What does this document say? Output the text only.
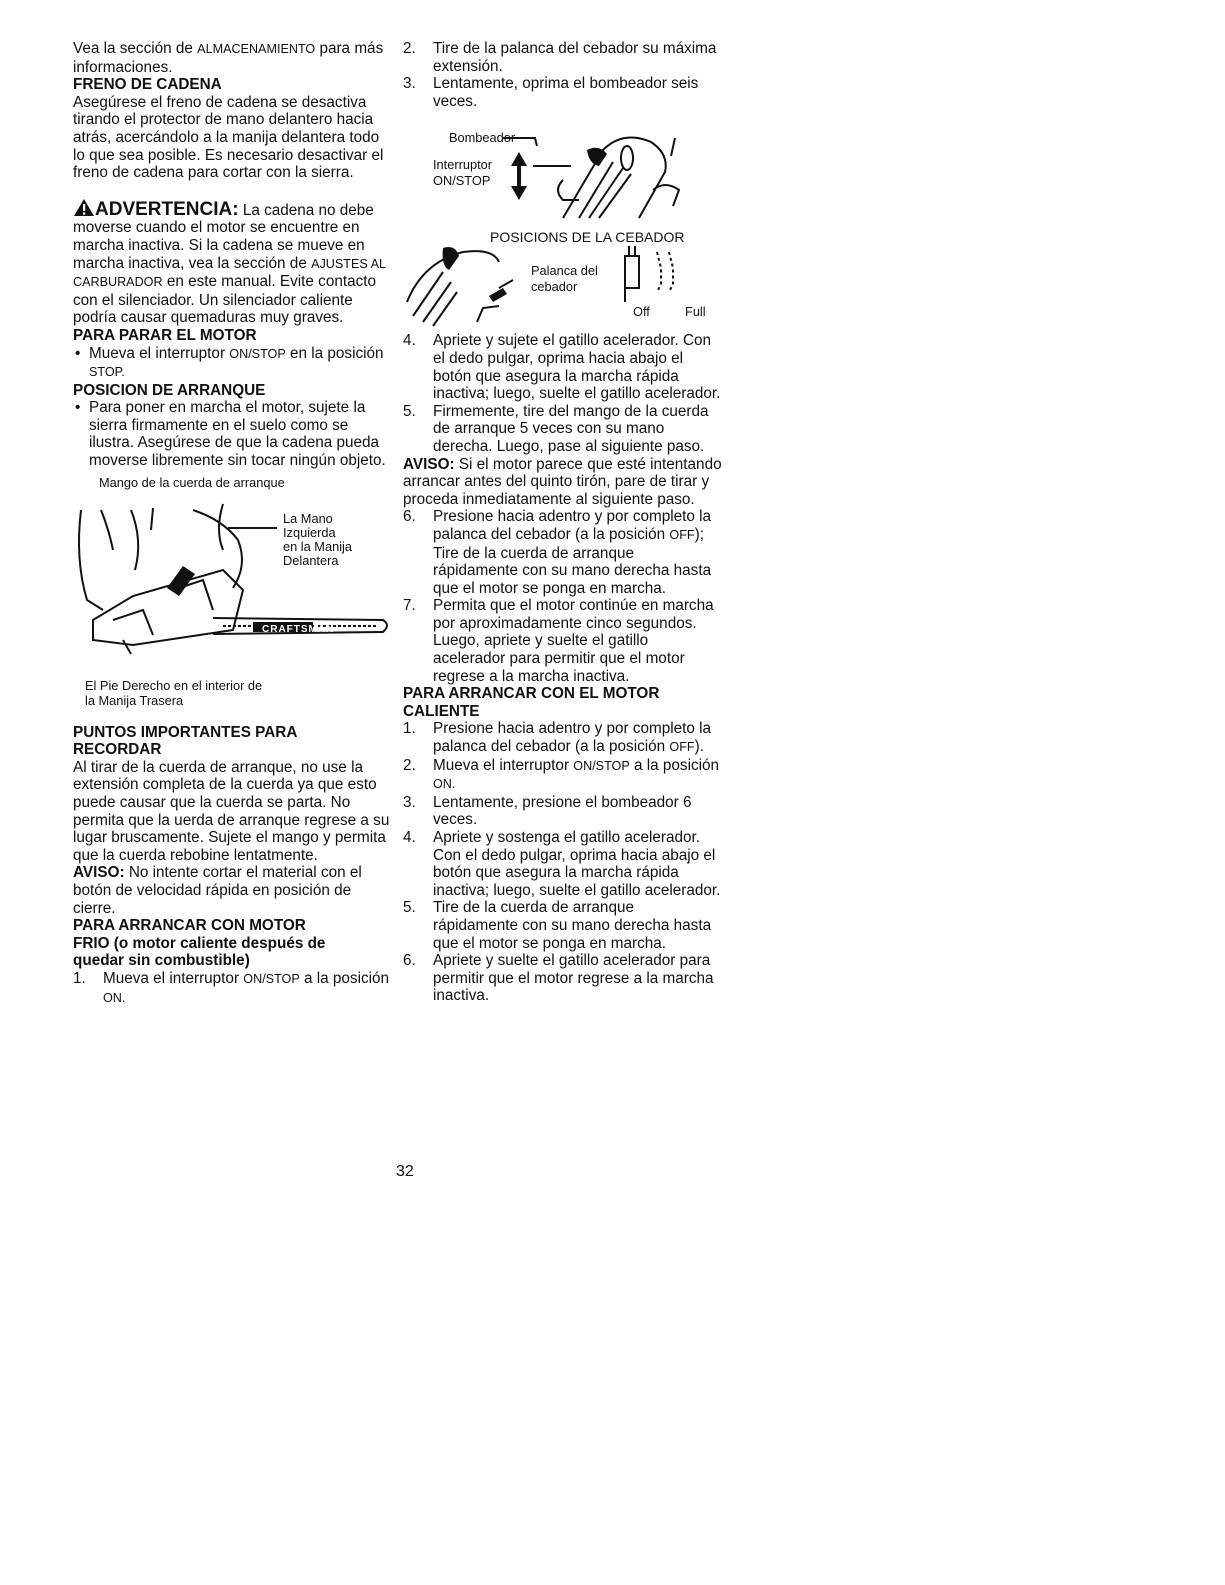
Vea la sección de ALMACENAMIENTO para más informaciones.

FRENO DE CADENA

Asegúrese el freno de cadena se desactiva tirando el protector de mano delantero hacia atrás, acercándolo a la manija delantera todo lo que sea posible. Es necesario desactivar el freno de cadena para cortar con la sierra.

ADVERTENCIA: La cadena no debe moverse cuando el motor se encuentre en marcha inactiva. Si la cadena se mueve en marcha inactiva, vea la sección de AJUSTES AL CARBURADOR en este manual. Evite contacto con el silenciador. Un silenciador caliente podría causar quemaduras muy graves.

PARA PARAR EL MOTOR

• Mueva el interruptor ON/STOP en la posición STOP.

POSICION DE ARRANQUE

• Para poner en marcha el motor, sujete la sierra firmamente en el suelo como se ilustra. Asegúrese de que la cadena pueda moverse libremente sin tocar ningún objeto.

Mango de la cuerda de arranque
La Mano
Izquierda
en la Manija
Delantera
CRAFTSMAN
El Pie Derecho en el interior de
la Manija Trasera
PUNTOS IMPORTANTES PARA
RECORDAR

Al tirar de la cuerda de arranque, no use la extensión completa de la cuerda ya que esto puede causar que la cuerda se parta. No permita que la uerda de arranque regrese a su lugar bruscamente. Sujete el mango y permita que la cuerda rebobine lentatmente.

AVISO: No intente cortar el material con el botón de velocidad rápida en posición de cierre.

PARA ARRANCAR CON MOTOR
FRIO (o motor caliente después de
quedar sin combustible)

1. Mueva el interruptor ON/STOP a la posición ON.

2. Tire de la palanca del cebador su máxima extensión.

3. Lentamente, oprima el bombeador seis veces.

Bombeador
Interruptor
ON/STOP
POSICIONS DE LA CEBADOR
Palanca del
cebador
Off	Full

4. Apriete y sujete el gatillo acelerador. Con el dedo pulgar, oprima hacia abajo el botón que asegura la marcha rápida inactiva; luego, suelte el gatillo acelerador.

5. Firmemente, tire del mango de la cuerda de arranque 5 veces con su mano derecha. Luego, pase al siguiente paso.

AVISO: Si el motor parece que esté intentando arrancar antes del quinto tirón, pare de tirar y proceda inmediatamente al siguiente paso.

6. Presione hacia adentro y por completo la palanca del cebador (a la posición OFF); Tire de la cuerda de arranque rápidamente con su mano derecha hasta que el motor se ponga en marcha.

7. Permita que el motor continúe en marcha por aproximadamente cinco segundos. Luego, apriete y suelte el gatillo acelerador para permitir que el motor regrese a la marcha inactiva.

PARA ARRANCAR CON EL MOTOR
CALIENTE

1. Presione hacia adentro y por completo la palanca del cebador (a la posición OFF).

2. Mueva el interruptor ON/STOP a la posición ON.

3. Lentamente, presione el bombeador 6 veces.

4. Apriete y sostenga el gatillo acelerador. Con el dedo pulgar, oprima hacia abajo el botón que asegura la marcha rápida inactiva; luego, suelte el gatillo acelerador.

5. Tire de la cuerda de arranque rápidamente con su mano derecha hasta que el motor se ponga en marcha.

6. Apriete y suelte el gatillo acelerador para permitir que el motor regrese a la marcha inactiva.

32
